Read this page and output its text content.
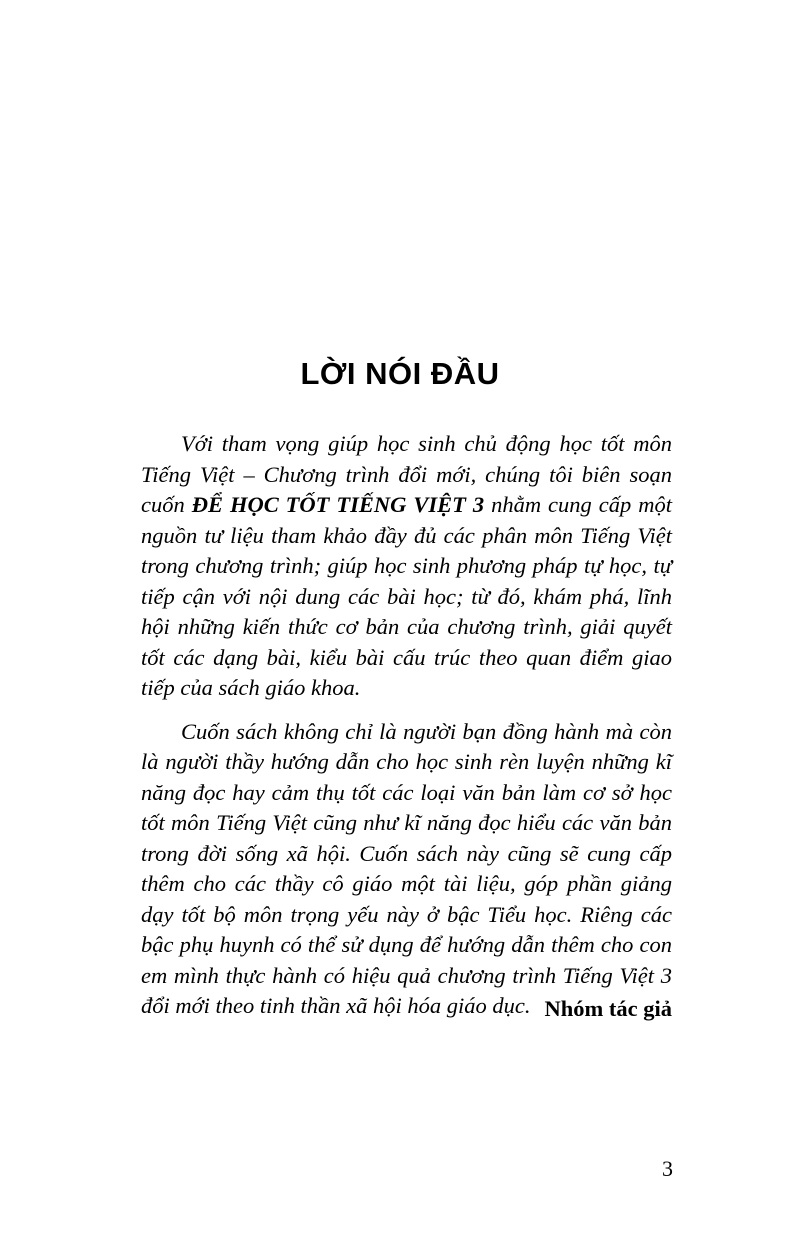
LỜI NÓI ĐẦU

Với tham vọng giúp học sinh chủ động học tốt môn Tiếng Việt – Chương trình đổi mới, chúng tôi biên soạn cuốn ĐỂ HỌC TỐT TIẾNG VIỆT 3 nhằm cung cấp một nguồn tư liệu tham khảo đầy đủ các phân môn Tiếng Việt trong chương trình; giúp học sinh phương pháp tự học, tự tiếp cận với nội dung các bài học; từ đó, khám phá, lĩnh hội những kiến thức cơ bản của chương trình, giải quyết tốt các dạng bài, kiểu bài cấu trúc theo quan điểm giao tiếp của sách giáo khoa.

Cuốn sách không chỉ là người bạn đồng hành mà còn là người thầy hướng dẫn cho học sinh rèn luyện những kĩ năng đọc hay cảm thụ tốt các loại văn bản làm cơ sở học tốt môn Tiếng Việt cũng như kĩ năng đọc hiểu các văn bản trong đời sống xã hội. Cuốn sách này cũng sẽ cung cấp thêm cho các thầy cô giáo một tài liệu, góp phần giảng dạy tốt bộ môn trọng yếu này ở bậc Tiểu học. Riêng các bậc phụ huynh có thể sử dụng để hướng dẫn thêm cho con em mình thực hành có hiệu quả chương trình Tiếng Việt 3 đổi mới theo tinh thần xã hội hóa giáo dục. Nhóm tác giả
3
